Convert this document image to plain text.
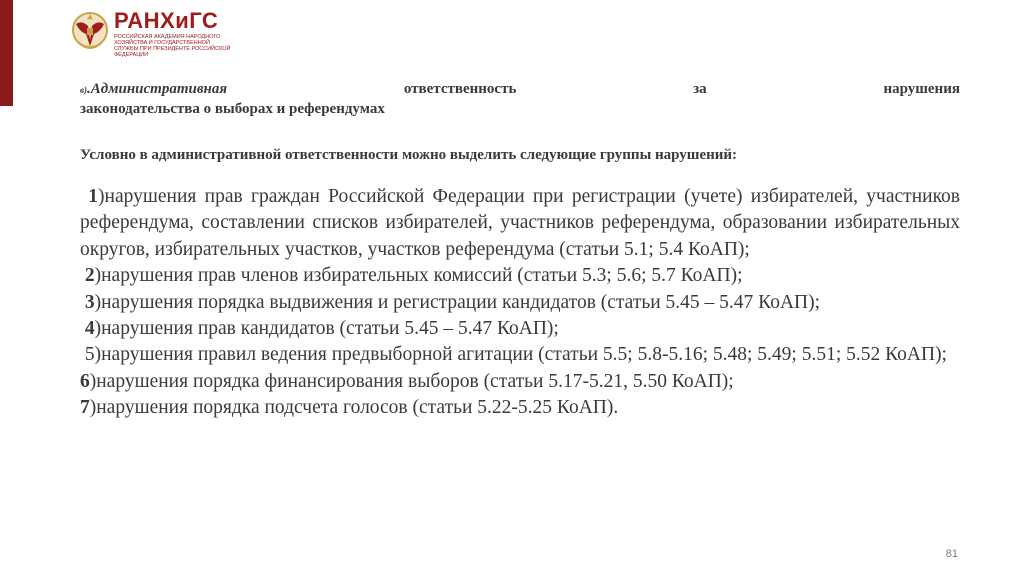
РАНХиГС
РОССИЙСКАЯ АКАДЕМИЯ НАРОДНОГО ХОЗЯЙСТВА И ГОСУДАРСТВЕННОЙ СЛУЖБЫ ПРИ ПРЕЗИДЕНТЕ РОССИЙСКОЙ ФЕДЕРАЦИИ
в).Административная	ответственность	за	нарушения
законодательства о выборах и референдумах
Условно в административной ответственности можно выделить следующие группы нарушений:
1)нарушения прав граждан Российской Федерации при регистрации (учете) избирателей, участников референдума, составлении списков избирателей, участников референдума, образовании избирательных округов, избирательных участков, участков референдума (статьи 5.1; 5.4 КоАП);
2)нарушения прав членов избирательных комиссий (статьи 5.3; 5.6; 5.7 КоАП);
3)нарушения порядка выдвижения и регистрации кандидатов (статьи 5.45 – 5.47 КоАП);
4)нарушения прав кандидатов (статьи 5.45 – 5.47 КоАП);
5)нарушения правил ведения предвыборной агитации (статьи 5.5; 5.8-5.16; 5.48; 5.49; 5.51; 5.52 КоАП);
6)нарушения порядка финансирования выборов (статьи 5.17-5.21, 5.50 КоАП);
7)нарушения порядка подсчета голосов (статьи 5.22-5.25 КоАП).
81
